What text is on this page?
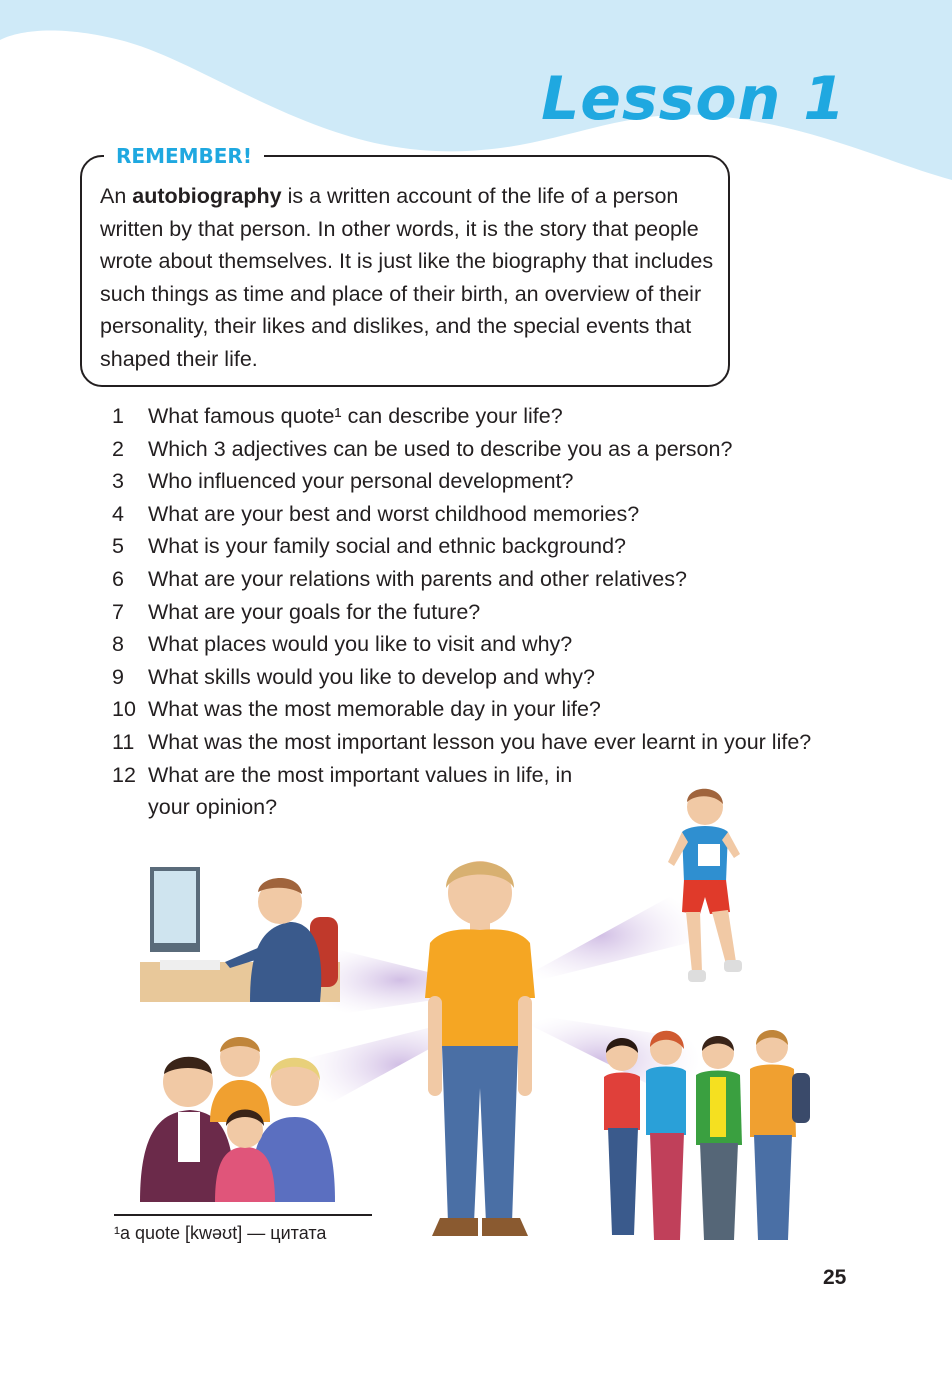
Lesson 1
REMEMBER!

An autobiography is a written account of the life of a person written by that person. In other words, it is the story that people wrote about themselves. It is just like the biography that includes such things as time and place of their birth, an overview of their personality, their likes and dislikes, and the special events that shaped their life.

1	What famous quote¹ can describe your life?
2	Which 3 adjectives can be used to describe you as a person?
3	Who influenced your personal development?
4	What are your best and worst childhood memories?
5	What is your family social and ethnic background?
6	What are your relations with parents and other relatives?
7	What are your goals for the future?
8	What places would you like to visit and why?
9	What skills would you like to develop and why?
10 What was the most memorable day in your life?
11 What was the most important lesson you have ever learnt in your life?
12 What are the most important values in life, in your opinion?
¹a quote [kwəʊt] — цитата
25
